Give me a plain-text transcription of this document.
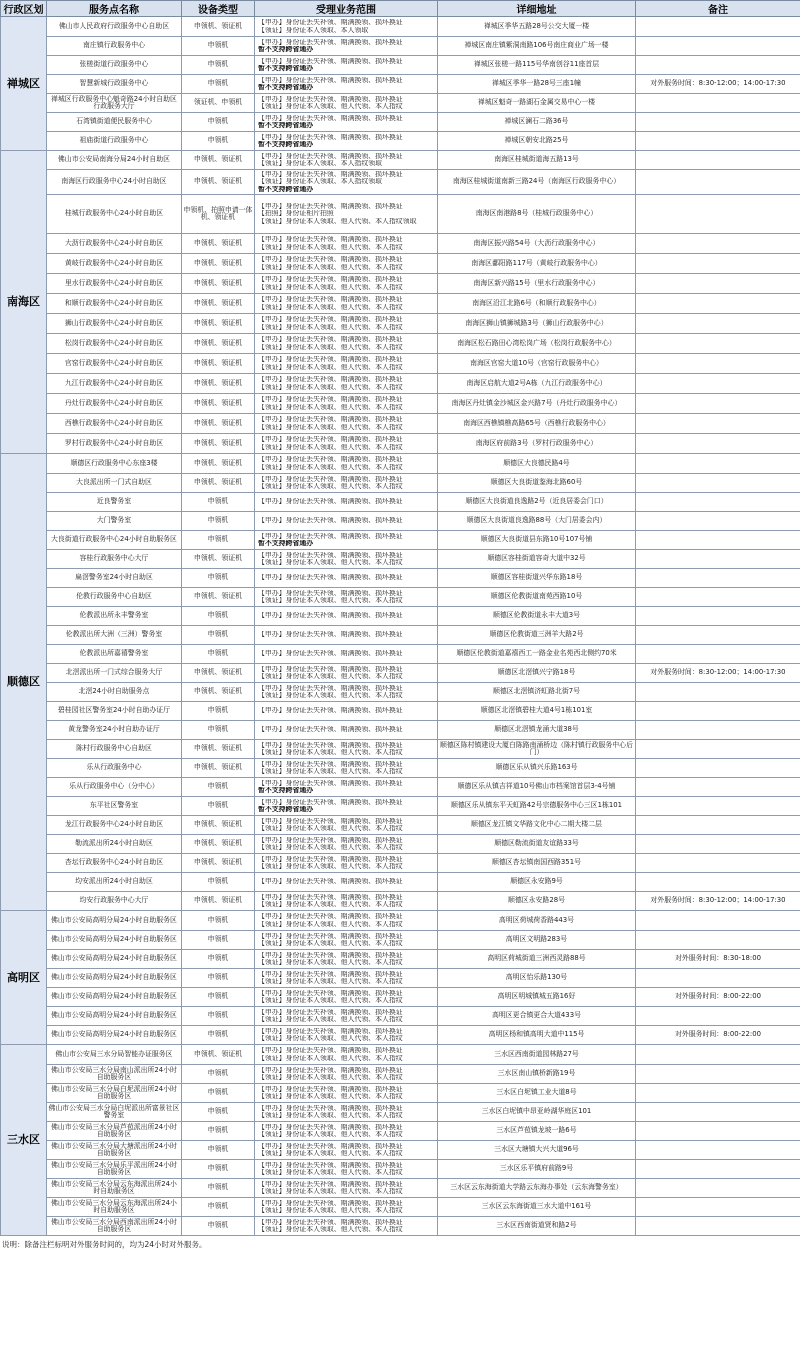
行政区划	服务点名称	设备类型	受理业务范围	详细地址	备注
禅城区	佛山市人民政府行政服务中心自助区	申领机、领证机	【申办】身份证丢失补领、期满换领、损坏换证
【领证】身份证本人领取、本人领取	禅城区季华五路28号公交大厦一楼	
	南庄镇行政服务中心	申领机	【申办】身份证丢失补领、期满换领、损坏换证
暂不支持跨省通办	禅城区南庄镇紫洞南路106号南庄商业广场一楼	
	张槎街道行政服务中心	申领机	【申办】身份证丢失补领、期满换领、损坏换证
暂不支持跨省通办	禅城区张槎一路115号华南创谷11座首层	
	智慧新城行政服务中心	申领机	【申办】身份证丢失补领、期满换领、损坏换证
暂不支持跨省通办	禅城区季华一路28号三座1幢	对外服务时间：8:30-12:00；14:00-17:30
	禅城区行政服务中心魁奇路24小时自助区行政服务大厅	领证机、申领机	【申办】身份证丢失补领、期满换领、损坏换证
【领证】身份证本人领取、他人代领、本人指纹	禅城区魁奇一路湖石金属交易中心一楼	
	石湾镇街道便民服务中心	申领机	【申办】身份证丢失补领、期满换领、损坏换证
暂不支持跨省通办	禅城区澜石二路36号	
	祖庙街道行政服务中心	申领机	【申办】身份证丢失补领、期满换领、损坏换证
暂不支持跨省通办	禅城区朝安北路25号	
南海区	佛山市公安局南海分局24小时自助区	申领机、领证机	【申办】身份证丢失补领、期满换领、损坏换证
【领证】身份证本人领取、本人指纹领取	南海区桂城街道海五路13号	
	南海区行政服务中心24小时自助区	申领机、领证机	【申办】身份证丢失补领、期满换领、损坏换证
【领证】身份证本人领取、本人指纹领取
暂不支持跨省通办	南海区桂城街道南新三路24号（南海区行政服务中心）	
	桂城行政服务中心24小时自助区	申领机、拍照申请一体机、领证机	【申办】身份证丢失补领、期满换领、损坏换证
【拍照】身份证相片拍照
【领证】身份证本人领取、他人代领、本人指纹领取	南海区南港路8号（桂城行政服务中心）	
	大沥行政服务中心24小时自助区	申领机、领证机	【申办】身份证丢失补领、期满换领、损坏换证
【领证】身份证本人领取、他人代领、本人指纹	南海区振兴路54号（大沥行政服务中心）	
	黄岐行政服务中心24小时自助区	申领机、领证机	【申办】身份证丢失补领、期满换领、损坏换证
【领证】身份证本人领取、他人代领、本人指纹	南海区鄱阳路117号（黄岐行政服务中心）	
	里水行政服务中心24小时自助区	申领机、领证机	【申办】身份证丢失补领、期满换领、损坏换证
【领证】身份证本人领取、他人代领、本人指纹	南海区新兴路15号（里水行政服务中心）	
	和顺行政服务中心24小时自助区	申领机、领证机	【申办】身份证丢失补领、期满换领、损坏换证
【领证】身份证本人领取、他人代领、本人指纹	南海区沿江北路6号（和顺行政服务中心）	
	狮山行政服务中心24小时自助区	申领机、领证机	【申办】身份证丢失补领、期满换领、损坏换证
【领证】身份证本人领取、他人代领、本人指纹	南海区狮山镇狮城路3号（狮山行政服务中心）	
	松岗行政服务中心24小时自助区	申领机、领证机	【申办】身份证丢失补领、期满换领、损坏换证
【领证】身份证本人领取、他人代领、本人指纹	南海区松石路田心湾松岗广场（松岗行政服务中心）	
	官窑行政服务中心24小时自助区	申领机、领证机	【申办】身份证丢失补领、期满换领、损坏换证
【领证】身份证本人领取、他人代领、本人指纹	南海区官窑大道10号（官窑行政服务中心）	
	九江行政服务中心24小时自助区	申领机、领证机	【申办】身份证丢失补领、期满换领、损坏换证
【领证】身份证本人领取、他人代领、本人指纹	南海区启航大道2号A栋（九江行政服务中心）	
	丹灶行政服务中心24小时自助区	申领机、领证机	【申办】身份证丢失补领、期满换领、损坏换证
【领证】身份证本人领取、他人代领、本人指纹	南海区丹灶镇金沙城区金兴路7号（丹灶行政服务中心）	
	西樵行政服务中心24小时自助区	申领机、领证机	【申办】身份证丢失补领、期满换领、损坏换证
【领证】身份证本人领取、他人代领、本人指纹	南海区西樵镇樵高路65号（西樵行政服务中心）	
	罗村行政服务中心24小时自助区	申领机、领证机	【申办】身份证丢失补领、期满换领、损坏换证
【领证】身份证本人领取、他人代领、本人指纹	南海区府前路3号（罗村行政服务中心）	
顺德区	顺德区行政服务中心东座3楼	申领机、领证机	【申办】身份证丢失补领、期满换领、损坏换证
【领证】身份证本人领取、他人代领、本人指纹	顺德区大良德民路4号	
	大良派出所一门式自助区	申领机、领证机	【申办】身份证丢失补领、期满换领、损坏换证
【领证】身份证本人领取、他人代领、本人指纹	顺德区大良街道鉴海北路60号	
	近良警务室	申领机	【申办】身份证丢失补领、期满换领、损坏换证	顺德区大良街道良逸路2号（近良居委会门口）	
	大门警务室	申领机	【申办】身份证丢失补领、期满换领、损坏换证	顺德区大良街道良逸路88号（大门居委会内）	
	大良街道行政服务中心24小时自助服务区	申领机	【申办】身份证丢失补领、期满换领、损坏换证
暂不支持跨省通办	顺德区大良街道县东路10号107号铺	
	容桂行政服务中心大厅	申领机、领证机	【申办】身份证丢失补领、期满换领、损坏换证
【领证】身份证本人领取、他人代领、本人指纹	顺德区容桂街道容奇大道中32号	
	扁滘警务室24小时自助区	申领机	【申办】身份证丢失补领、期满换领、损坏换证	顺德区容桂街道兴华东路18号	
	伦教行政服务中心自助区	申领机、领证机	【申办】身份证丢失补领、期满换领、损坏换证
【领证】身份证本人领取、他人代领、本人指纹	顺德区伦教街道南苑西路10号	
	伦教派出所永丰警务室	申领机	【申办】身份证丢失补领、期满换领、损坏换证	顺德区伦教街道永丰大道3号	
	伦教派出所大洲（三洲）警务室	申领机	【申办】身份证丢失补领、期满换领、损坏换证	顺德区伦教街道三洲羊大路2号	
	伦教派出所嘉禧警务室	申领机	【申办】身份证丢失补领、期满换领、损坏换证	顺德区伦教街道嘉禧西工一路金业名苑西北侧约70米	
	北滘派出所一门式综合服务大厅	申领机、领证机	【申办】身份证丢失补领、期满换领、损坏换证
【领证】身份证本人领取、他人代领、本人指纹	顺德区北滘镇兴宁路18号	对外服务时间：8:30-12:00；14:00-17:30
	北滘24小时自助服务点	申领机、领证机	【申办】身份证丢失补领、期满换领、损坏换证
【领证】身份证本人领取、他人代领、本人指纹	顺德区北滘镇济虹路北街7号	
	碧桂园社区警务室24小时自助办证厅	申领机	【申办】身份证丢失补领、期满换领、损坏换证	顺德区北滘镇碧桂大道4号1栋101室	
	黄龙警务室24小时自助办证厅	申领机	【申办】身份证丢失补领、期满换领、损坏换证	顺德区北滘镇龙涌大道38号	
	陈村行政服务中心自助区	申领机、领证机	【申办】身份证丢失补领、期满换领、损坏换证
【领证】身份证本人领取、他人代领、本人指纹	顺德区陈村镇建设大厦白陈路南涌桥边（陈村镇行政服务中心后门）	
	乐从行政服务中心	申领机、领证机	【申办】身份证丢失补领、期满换领、损坏换证
【领证】身份证本人领取、他人代领、本人指纹	顺德区乐从镇兴乐路163号	
	乐从行政服务中心（分中心）	申领机	【申办】身份证丢失补领、期满换领、损坏换证
暂不支持跨省通办	顺德区乐从镇吉祥道10号佛山市档案馆首层3-4号铺	
	东平社区警务室	申领机	【申办】身份证丢失补领、期满换领、损坏换证
暂不支持跨省通办	顺德区乐从镇东平天虹路42号宗德服务中心三区1栋101	
	龙江行政服务中心24小时自助区	申领机、领证机	【申办】身份证丢失补领、期满换领、损坏换证
【领证】身份证本人领取、他人代领、本人指纹	顺德区龙江镇文华路文化中心二期大楼二层	
	勒流派出所24小时自助区	申领机、领证机	【申办】身份证丢失补领、期满换领、损坏换证
【领证】身份证本人领取、他人代领、本人指纹	顺德区勒流街道友谊路33号	
	杏坛行政服务中心24小时自助区	申领机、领证机	【申办】身份证丢失补领、期满换领、损坏换证
【领证】身份证本人领取、他人代领、本人指纹	顺德区杏坛镇南国西路351号	
	均安派出所24小时自助区	申领机	【申办】身份证丢失补领、期满换领、损坏换证	顺德区永安路9号	
	均安行政服务中心大厅	申领机、领证机	【申办】身份证丢失补领、期满换领、损坏换证
【领证】身份证本人领取、他人代领、本人指纹	顺德区永安路28号	对外服务时间：8:30-12:00；14:00-17:30
高明区	佛山市公安局高明分局24小时自助服务区	申领机	【申办】身份证丢失补领、期满换领、损坏换证
【领证】身份证本人领取、他人代领、本人指纹	高明区荷城荷香路443号	
	佛山市公安局高明分局24小时自助服务区	申领机	【申办】身份证丢失补领、期满换领、损坏换证
【领证】身份证本人领取、他人代领、本人指纹	高明区文明路283号	
	佛山市公安局高明分局24小时自助服务区	申领机	【申办】身份证丢失补领、期满换领、损坏换证
【领证】身份证本人领取、他人代领、本人指纹	高明区荷城街道三洲西灵路88号	对外服务时间：8:30-18:00
	佛山市公安局高明分局24小时自助服务区	申领机	【申办】身份证丢失补领、期满换领、损坏换证
【领证】身份证本人领取、他人代领、本人指纹	高明区怡乐路130号	
	佛山市公安局高明分局24小时自助服务区	申领机	【申办】身份证丢失补领、期满换领、损坏换证
【领证】身份证本人领取、他人代领、本人指纹	高明区明城镇城五路16好	对外服务时间：8:00-22:00
	佛山市公安局高明分局24小时自助服务区	申领机	【申办】身份证丢失补领、期满换领、损坏换证
【领证】身份证本人领取、他人代领、本人指纹	高明区更合镇更合大道433号	
	佛山市公安局高明分局24小时自助服务区	申领机	【申办】身份证丢失补领、期满换领、损坏换证
【领证】身份证本人领取、他人代领、本人指纹	高明区杨和镇高明大道中115号	对外服务时间：8:00-22:00
三水区	佛山市公安局三水分局智能办证服务区	申领机、领证机	【申办】身份证丢失补领、期满换领、损坏换证
【领证】身份证本人领取、他人代领、本人指纹	三水区西南街道园林路27号	
	佛山市公安局三水分局南山派出所24小时自助服务区	申领机	【申办】身份证丢失补领、期满换领、损坏换证
【领证】身份证本人领取、他人代领、本人指纹	三水区南山镇桥新路19号	
	佛山市公安局三水分局白坭派出所24小时自助服务区	申领机	【申办】身份证丢失补领、期满换领、损坏换证
【领证】身份证本人领取、他人代领、本人指纹	三水区白坭镇工业大道8号	
	佛山市公安局三水分局白坭派出所富景社区警务室	申领机	【申办】身份证丢失补领、期满换领、损坏换证
【领证】身份证本人领取、他人代领、本人指纹	三水区白坭镇中昂亚岭湖华庭区101	
	佛山市公安局三水分局芦苞派出所24小时自助服务区	申领机	【申办】身份证丢失补领、期满换领、损坏换证
【领证】身份证本人领取、他人代领、本人指纹	三水区芦苞镇龙坡一路6号	
	佛山市公安局三水分局大塘派出所24小时自助服务区	申领机	【申办】身份证丢失补领、期满换领、损坏换证
【领证】身份证本人领取、他人代领、本人指纹	三水区大塘镇大兴大道96号	
	佛山市公安局三水分局乐平派出所24小时自助服务区	申领机	【申办】身份证丢失补领、期满换领、损坏换证
【领证】身份证本人领取、他人代领、本人指纹	三水区乐平镇府前路9号	
	佛山市公安局三水分局云东海派出所24小时自助服务区	申领机	【申办】身份证丢失补领、期满换领、损坏换证
【领证】身份证本人领取、他人代领、本人指纹	三水区云东海街道大学路云东海办事处（云东海警务室）	
	佛山市公安局三水分局云东海派出所24小时自助服务区	申领机	【申办】身份证丢失补领、期满换领、损坏换证
【领证】身份证本人领取、他人代领、本人指纹	三水区云东海街道三水大道中161号	
	佛山市公安局三水分局西南派出所24小时自助服务区	申领机	【申办】身份证丢失补领、期满换领、损坏换证
【领证】身份证本人领取、他人代领、本人指纹	三水区西南街道贤和路2号	
说明：除备注栏标明对外服务时间的，均为24小时对外服务。
